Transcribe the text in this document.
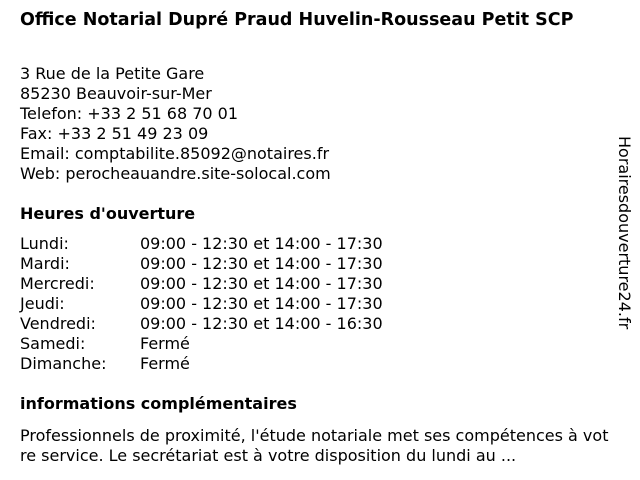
Office Notarial Dupré Praud Huvelin-Rousseau Petit SCP
3 Rue de la Petite Gare
85230 Beauvoir-sur-Mer
Telefon: +33 2 51 68 70 01
Fax: +33 2 51 49 23 09
Email: comptabilite.85092@notaires.fr
Web: perocheauandre.site-solocal.com
Heures d'ouverture
Lundi:	09:00 - 12:30 et 14:00 - 17:30
Mardi:	09:00 - 12:30 et 14:00 - 17:30
Mercredi:	09:00 - 12:30 et 14:00 - 17:30
Jeudi:	09:00 - 12:30 et 14:00 - 17:30
Vendredi:	09:00 - 12:30 et 14:00 - 16:30
Samedi:	Fermé
Dimanche: Fermé
informations complémentaires
Professionnels de proximité, l'étude notariale met ses compétences à votre service. Le secrétariat est à votre disposition du lundi au ...
Horairesdouverture24.fr
